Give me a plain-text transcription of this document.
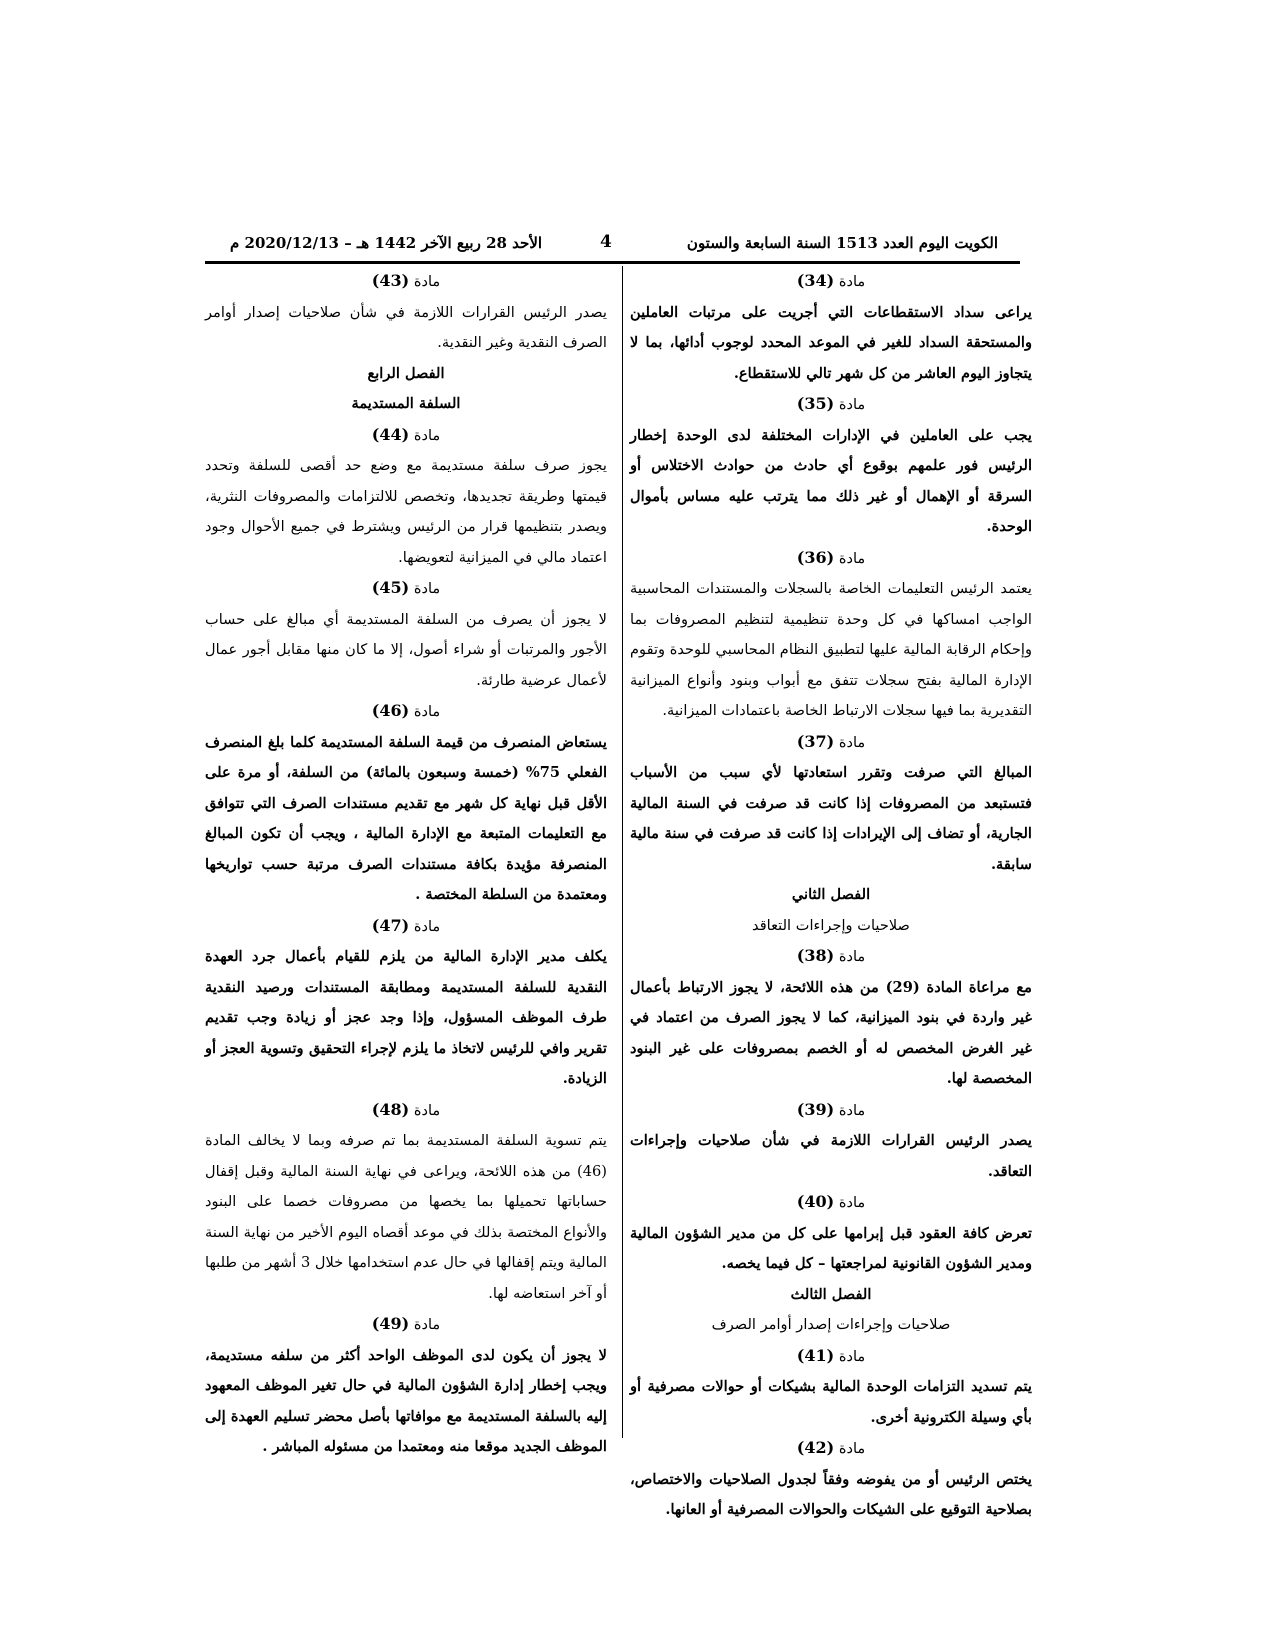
الكويت اليوم العدد 1513 السنة السابعة والستون
4
الأحد 28 ربيع الآخر 1442 هـ – 2020/12/13 م
مادة (34)

يراعى سداد الاستقطاعات التي أجريت على مرتبات العاملين والمستحقة السداد للغير في الموعد المحدد لوجوب أدائها، بما لا يتجاوز اليوم العاشر من كل شهر تالي للاستقطاع.

مادة (35)

يجب على العاملين في الإدارات المختلفة لدى الوحدة إخطار الرئيس فور علمهم بوقوع أي حادث من حوادث الاختلاس أو السرقة أو الإهمال أو غير ذلك مما يترتب عليه مساس بأموال الوحدة.

مادة (36)

يعتمد الرئيس التعليمات الخاصة بالسجلات والمستندات المحاسبية الواجب امساكها في كل وحدة تنظيمية لتنظيم المصروفات بما وإحكام الرقابة المالية عليها لتطبيق النظام المحاسبي للوحدة وتقوم الإدارة المالية بفتح سجلات تتفق مع أبواب وبنود وأنواع الميزانية التقديرية بما فيها سجلات الارتباط الخاصة باعتمادات الميزانية.

مادة (37)

المبالغ التي صرفت وتقرر استعادتها لأي سبب من الأسباب فتستبعد من المصروفات إذا كانت قد صرفت في السنة المالية الجارية، أو تضاف إلى الإيرادات إذا كانت قد صرفت في سنة مالية سابقة.

الفصل الثاني
صلاحيات وإجراءات التعاقد
مادة (38)

مع مراعاة المادة (29) من هذه اللائحة، لا يجوز الارتباط بأعمال غير واردة في بنود الميزانية، كما لا يجوز الصرف من اعتماد في غير الغرض المخصص له أو الخصم بمصروفات على غير البنود المخصصة لها.

مادة (39)

يصدر الرئيس القرارات اللازمة في شأن صلاحيات وإجراءات التعاقد.

مادة (40)

تعرض كافة العقود قبل إبرامها على كل من مدير الشؤون المالية ومدير الشؤون القانونية لمراجعتها – كل فيما يخصه.

الفصل الثالث
صلاحيات وإجراءات إصدار أوامر الصرف
مادة (41)

يتم تسديد التزامات الوحدة المالية بشيكات أو حوالات مصرفية أو بأي وسيلة الكترونية أخرى.

مادة (42)

يختص الرئيس أو من يفوضه وفقاً لجدول الصلاحيات والاختصاص، بصلاحية التوقيع على الشيكات والحوالات المصرفية أو العانها.

مادة (43)

يصدر الرئيس القرارات اللازمة في شأن صلاحيات إصدار أوامر الصرف النقدية وغير النقدية.

الفصل الرابع
السلفة المستديمة
مادة (44)

يجوز صرف سلفة مستديمة مع وضع حد أقصى للسلفة وتحدد قيمتها وطريقة تجديدها، وتخصص للالتزامات والمصروفات النثرية، ويصدر بتنظيمها قرار من الرئيس ويشترط في جميع الأحوال وجود اعتماد مالي في الميزانية لتعويضها.

مادة (45)

لا يجوز أن يصرف من السلفة المستديمة أي مبالغ على حساب الأجور والمرتبات أو شراء أصول، إلا ما كان منها مقابل أجور عمال لأعمال عرضية طارئة.

مادة (46)

يستعاض المنصرف من قيمة السلفة المستديمة كلما بلغ المنصرف الفعلي 75% (خمسة وسبعون بالمائة) من السلفة، أو مرة على الأقل قبل نهاية كل شهر مع تقديم مستندات الصرف التي تتوافق مع التعليمات المتبعة مع الإدارة المالية ، ويجب أن تكون المبالغ المنصرفة مؤيدة بكافة مستندات الصرف مرتبة حسب تواريخها ومعتمدة من السلطة المختصة .

مادة (47)

يكلف مدير الإدارة المالية من يلزم للقيام بأعمال جرد العهدة النقدية للسلفة المستديمة ومطابقة المستندات ورصيد النقدية طرف الموظف المسؤول، وإذا وجد عجز أو زيادة وجب تقديم تقرير وافي للرئيس لاتخاذ ما يلزم لإجراء التحقيق وتسوية العجز أو الزيادة.

مادة (48)

يتم تسوية السلفة المستديمة بما تم صرفه وبما لا يخالف المادة (46) من هذه اللائحة، ويراعى في نهاية السنة المالية وقبل إقفال حساباتها تحميلها بما يخصها من مصروفات خصما على البنود والأنواع المختصة بذلك في موعد أقصاه اليوم الأخير من نهاية السنة المالية ويتم إقفالها في حال عدم استخدامها خلال 3 أشهر من طلبها أو آخر استعاضه لها.

مادة (49)

لا يجوز أن يكون لدى الموظف الواحد أكثر من سلفه مستديمة، ويجب إخطار إدارة الشؤون المالية في حال تغير الموظف المعهود إليه بالسلفة المستديمة مع موافاتها بأصل محضر تسليم العهدة إلى الموظف الجديد موقعا منه ومعتمدا من مسئوله المباشر .
